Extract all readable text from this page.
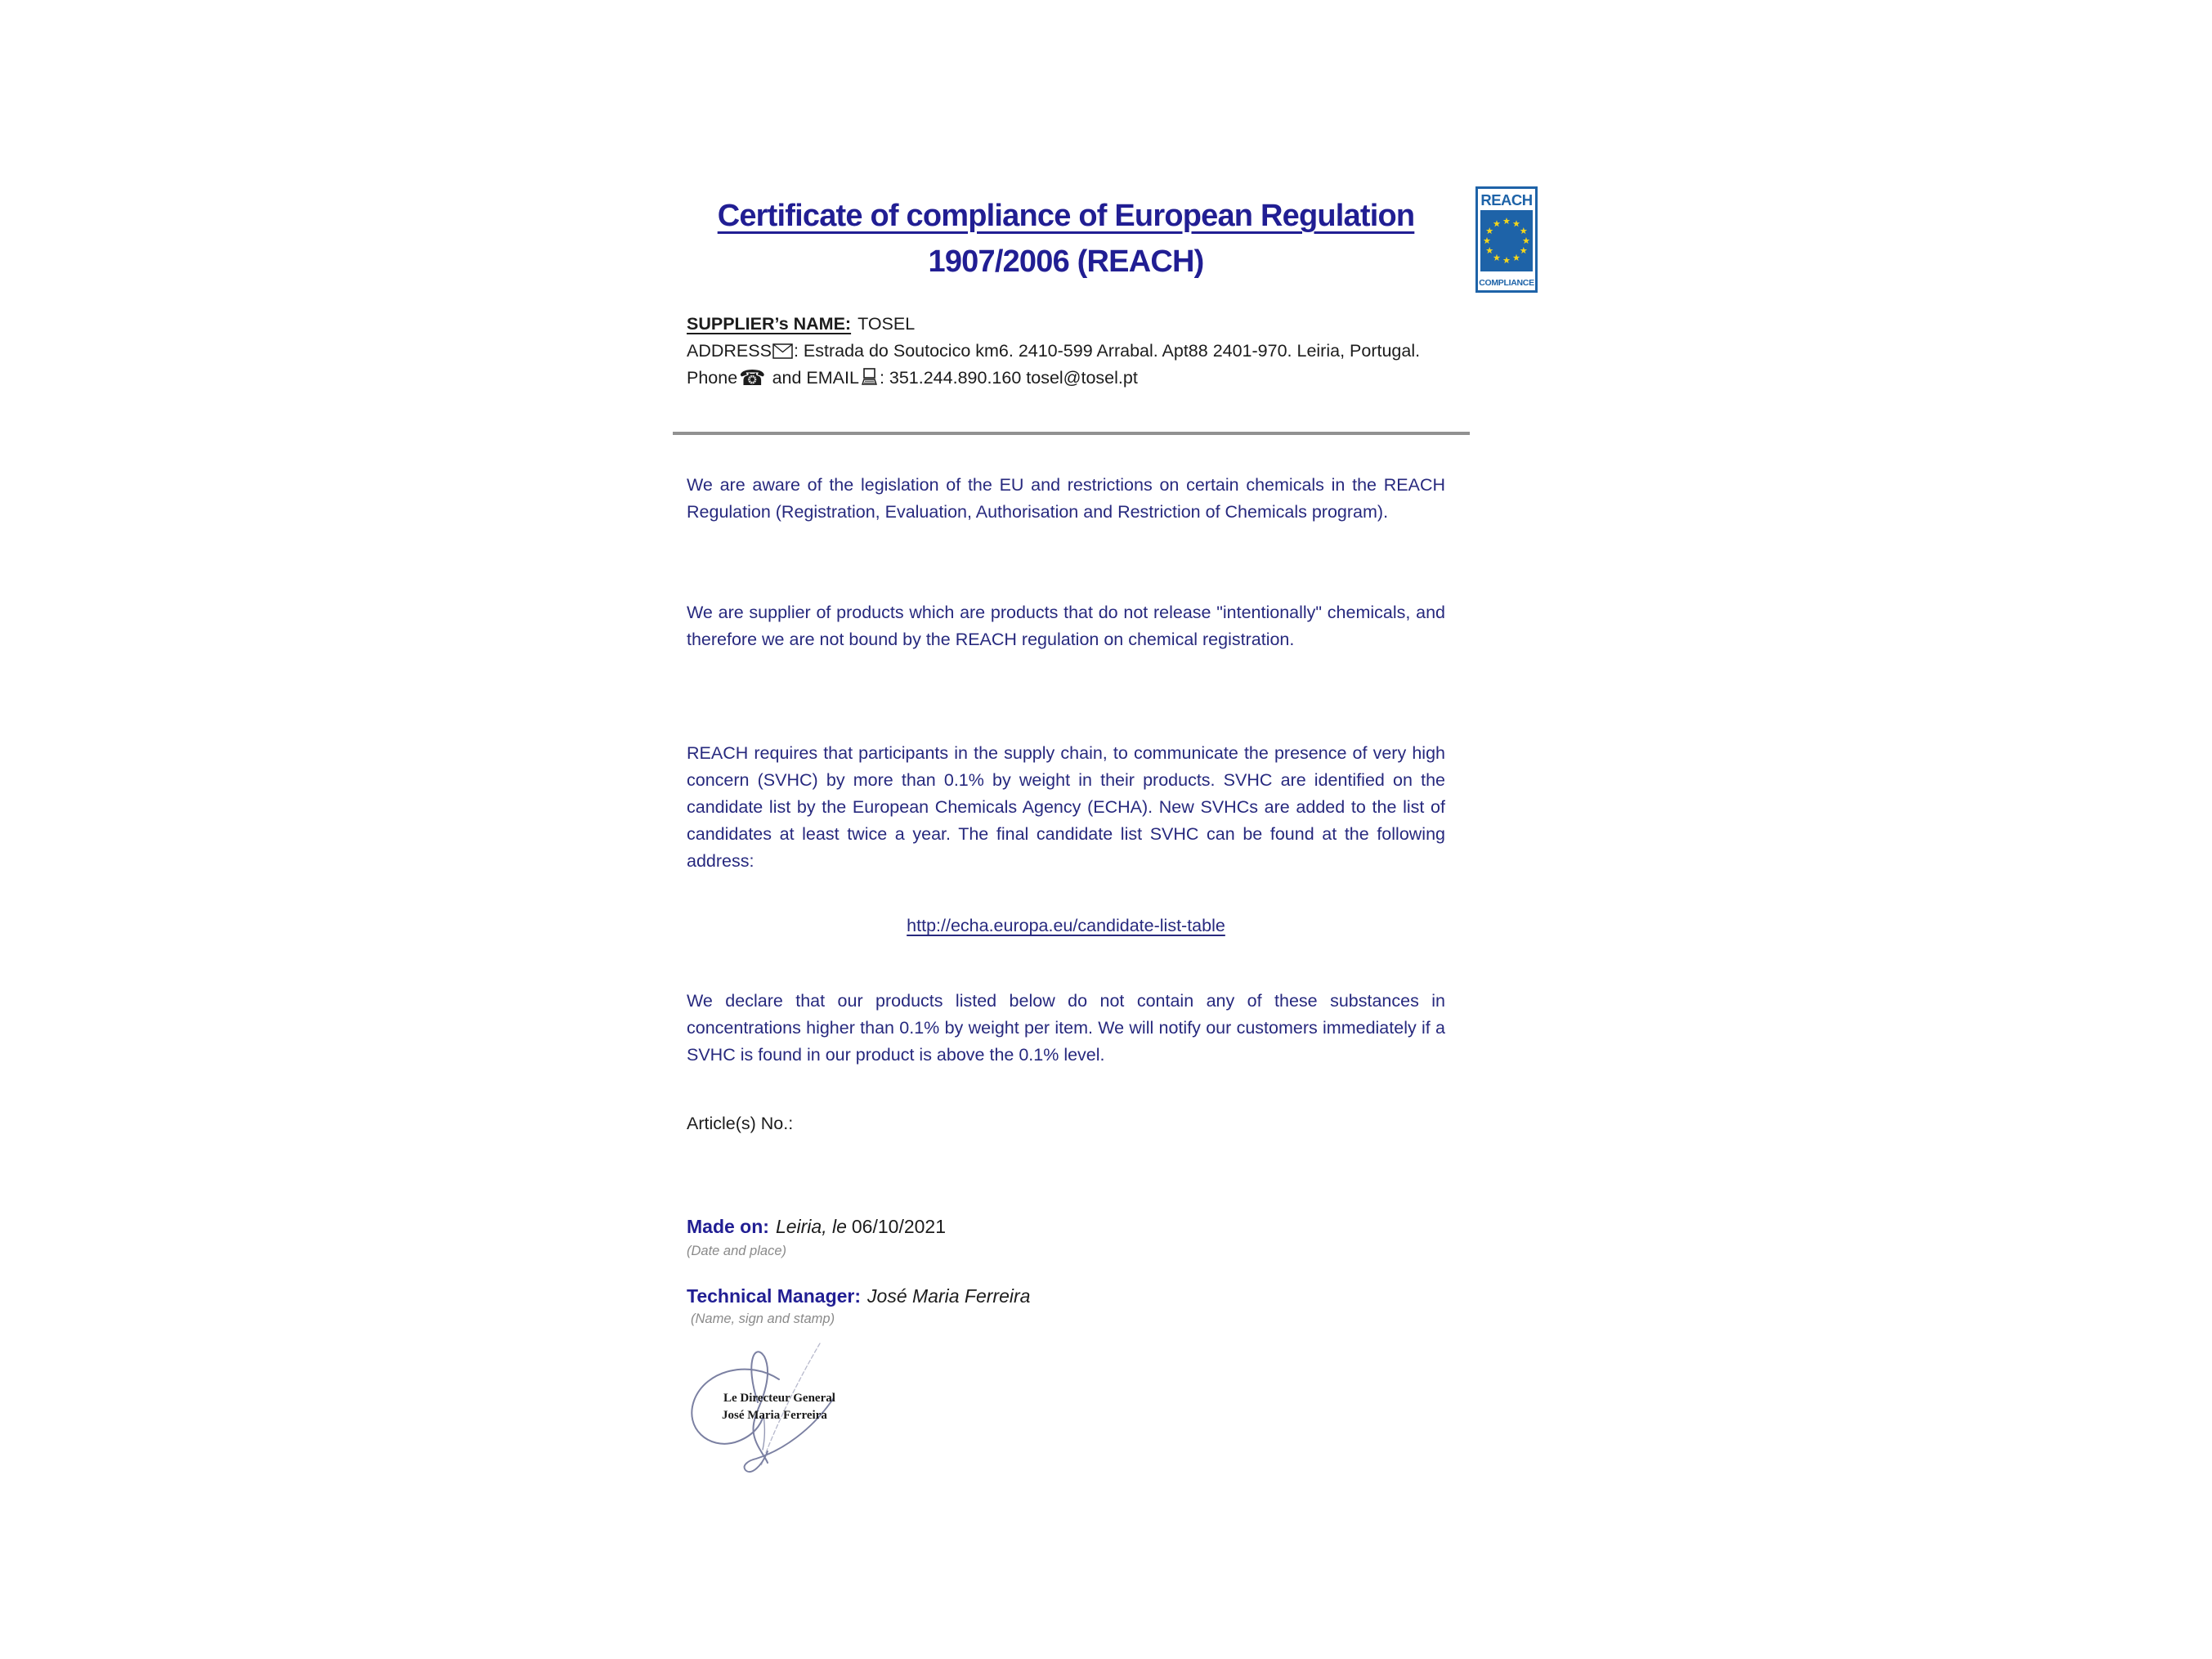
Certificate of compliance of European Regulation
1907/2006 (REACH)

SUPPLIER’s NAME: TOSEL

ADDRESS : Estrada do Soutocico km6. 2410-599 Arrabal. Apt88 2401-970. Leiria, Portugal.

Phone☎ and EMAIL : 351.244.890.160 tosel@tosel.pt

We are aware of the legislation of the EU and restrictions on certain chemicals in the REACH Regulation (Registration, Evaluation, Authorisation and Restriction of Chemicals program).

We are supplier of products which are products that do not release "intentionally" chemicals, and therefore we are not bound by the REACH regulation on chemical registration.

REACH requires that participants in the supply chain, to communicate the presence of very high concern (SVHC) by more than 0.1% by weight in their products. SVHC are identified on the candidate list by the European Chemicals Agency (ECHA). New SVHCs are added to the list of candidates at least twice a year. The final candidate list SVHC can be found at the following address:

http://echa.europa.eu/candidate-list-table

We declare that our products listed below do not contain any of these substances in concentrations higher than 0.1% by weight per item. We will notify our customers immediately if a SVHC is found in our product is above the 0.1% level.

Article(s) No.:

Made on: Leiria, le 06/10/2021

(Date and place)

Technical Manager: José Maria Ferreira

(Name, sign and stamp)

Le Directeur General
José Maria Ferreira
REACH
COMPLIANCE
